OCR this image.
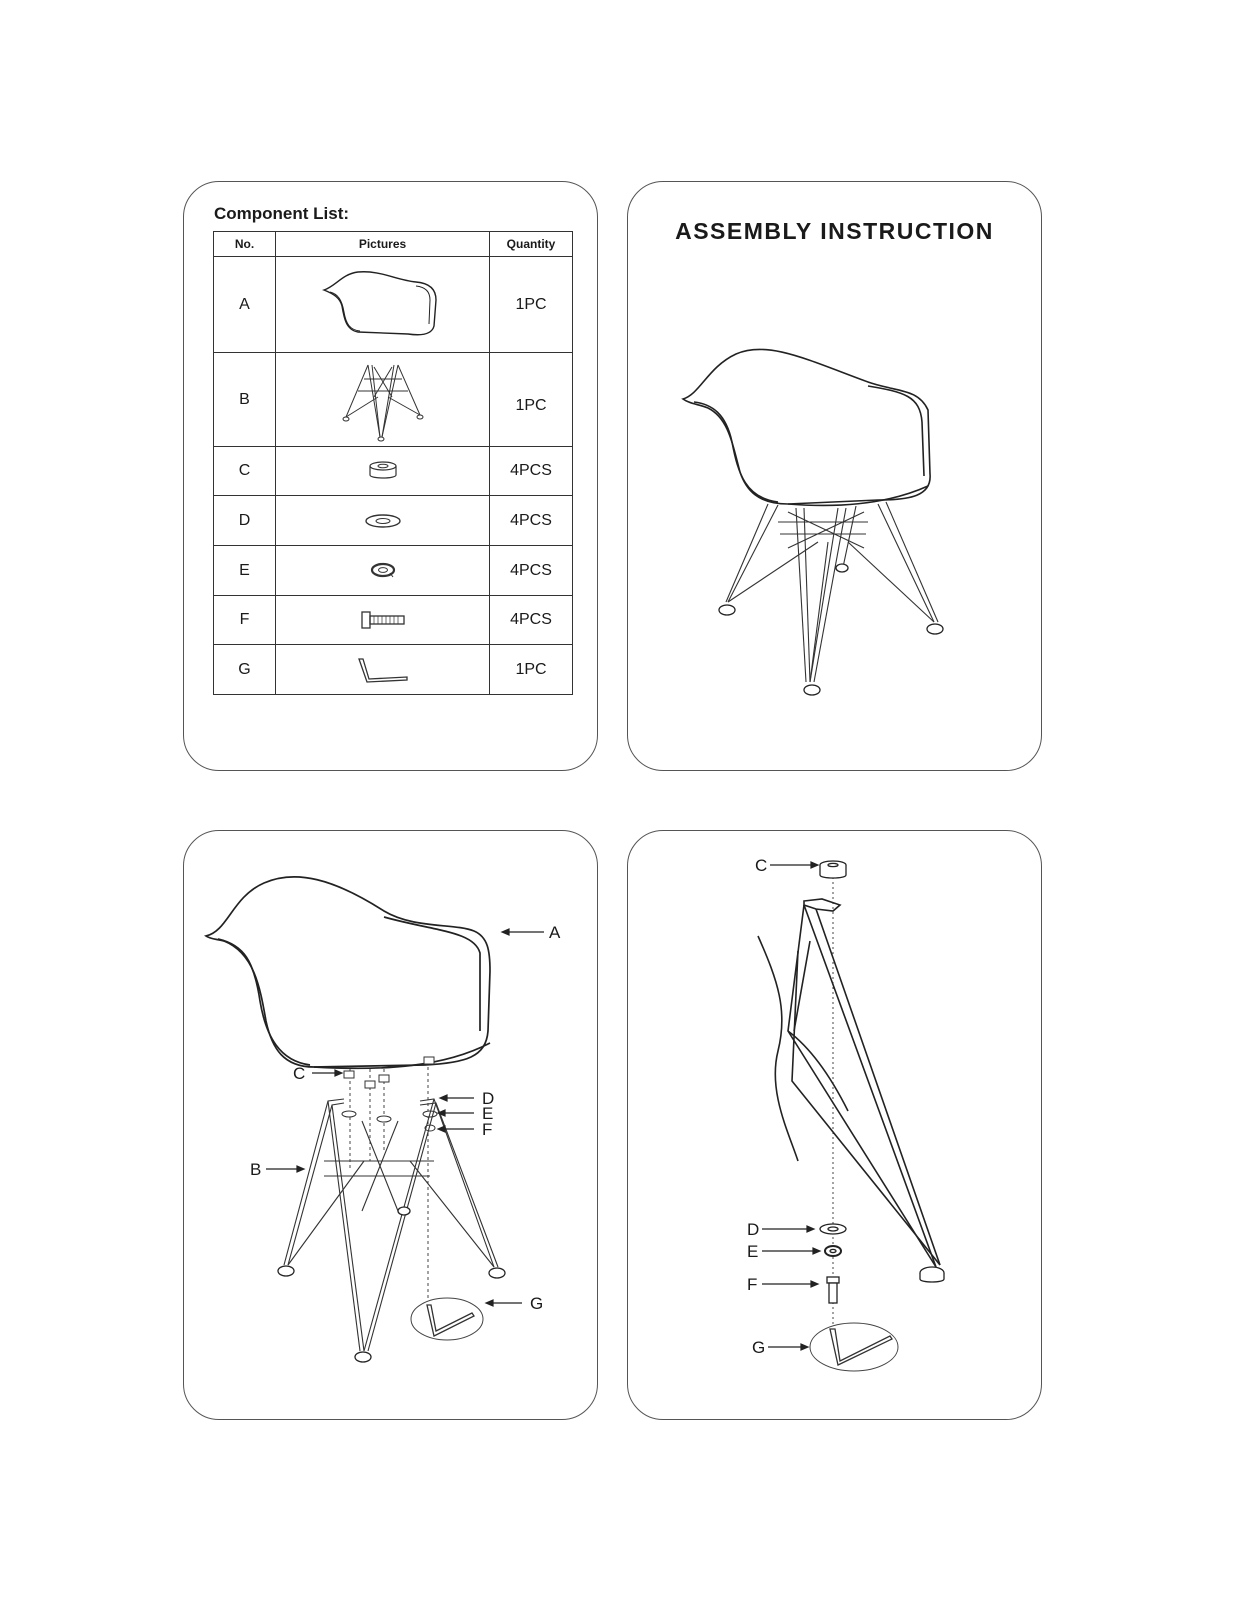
Component List:
No.	Pictures	Quantity
A		1PC
B		1PC
C		4PCS
D		4PCS
E		4PCS
F		4PCS
G		1PC
ASSEMBLY INSTRUCTION
A
C
D
E
F
B
G
C
D
E
F
G
